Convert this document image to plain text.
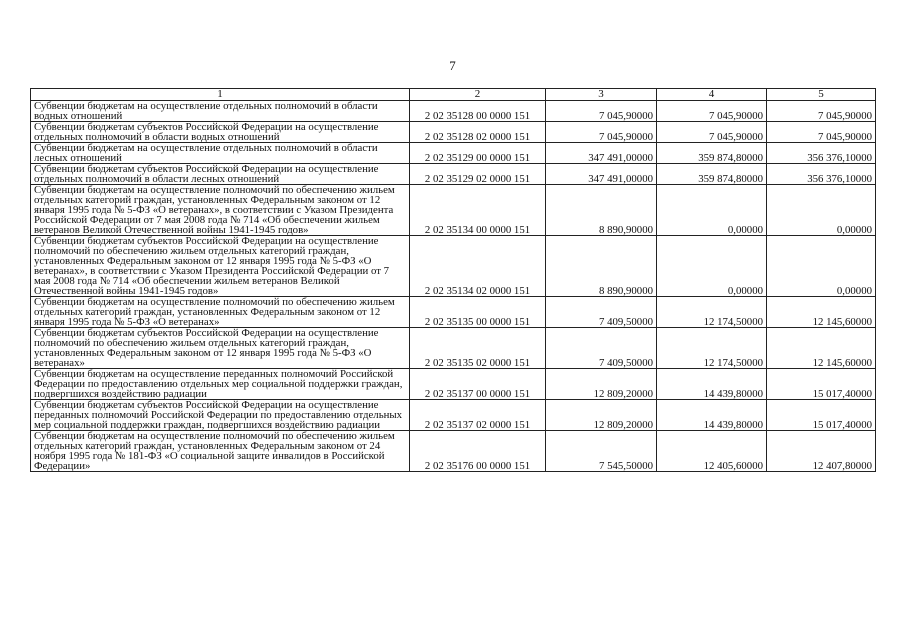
7
1	2	3	4	5
Субвенции бюджетам на осуществление отдельных полномочий в области водных отношений	2 02 35128 00 0000 151	7 045,90000	7 045,90000	7 045,90000
Субвенции бюджетам субъектов Российской Федерации на осуществление отдельных полномочий в области водных отношений	2 02 35128 02 0000 151	7 045,90000	7 045,90000	7 045,90000
Субвенции бюджетам на осуществление отдельных полномочий в области лесных отношений	2 02 35129 00 0000 151	347 491,00000	359 874,80000	356 376,10000
Субвенции бюджетам субъектов Российской Федерации на осуществление отдельных полномочий в области лесных отношений	2 02 35129 02 0000 151	347 491,00000	359 874,80000	356 376,10000
Субвенции бюджетам на осуществление полномочий по обеспечению жильем отдельных категорий граждан, установленных Федеральным законом от 12 января 1995 года № 5-ФЗ «О ветеранах», в соответствии с Указом Президента Российской Федерации от 7 мая 2008 года № 714 «Об обеспечении жильем ветеранов Великой Отечественной войны 1941-1945 годов»	2 02 35134 00 0000 151	8 890,90000	0,00000	0,00000
Субвенции бюджетам субъектов Российской Федерации на осуществление полномочий по обеспечению жильем отдельных категорий граждан, установленных Федеральным законом от 12 января 1995 года № 5-ФЗ «О ветеранах», в соответствии с Указом Президента Российской Федерации от 7 мая 2008 года № 714 «Об обеспечении жильем ветеранов Великой Отечественной войны 1941-1945 годов»	2 02 35134 02 0000 151	8 890,90000	0,00000	0,00000
Субвенции бюджетам на осуществление полномочий по обеспечению жильем отдельных категорий граждан, установленных Федеральным законом от 12 января 1995 года № 5-ФЗ «О ветеранах»	2 02 35135 00 0000 151	7 409,50000	12 174,50000	12 145,60000
Субвенции бюджетам субъектов Российской Федерации на осуществление полномочий по обеспечению жильем отдельных категорий граждан, установленных Федеральным законом от 12 января 1995 года № 5-ФЗ «О ветеранах»	2 02 35135 02 0000 151	7 409,50000	12 174,50000	12 145,60000
Субвенции бюджетам на осуществление переданных полномочий Российской Федерации по предоставлению отдельных мер социальной поддержки граждан, подвергшихся воздействию радиации	2 02 35137 00 0000 151	12 809,20000	14 439,80000	15 017,40000
Субвенции бюджетам субъектов Российской Федерации на осуществление переданных полномочий Российской Федерации по предоставлению отдельных мер социальной поддержки граждан, подвергшихся воздействию радиации	2 02 35137 02 0000 151	12 809,20000	14 439,80000	15 017,40000
Субвенции бюджетам на осуществление полномочий по обеспечению жильем отдельных категорий граждан, установленных Федеральным законом от 24 ноября 1995 года № 181-ФЗ «О социальной защите инвалидов в Российской Федерации»	2 02 35176 00 0000 151	7 545,50000	12 405,60000	12 407,80000
